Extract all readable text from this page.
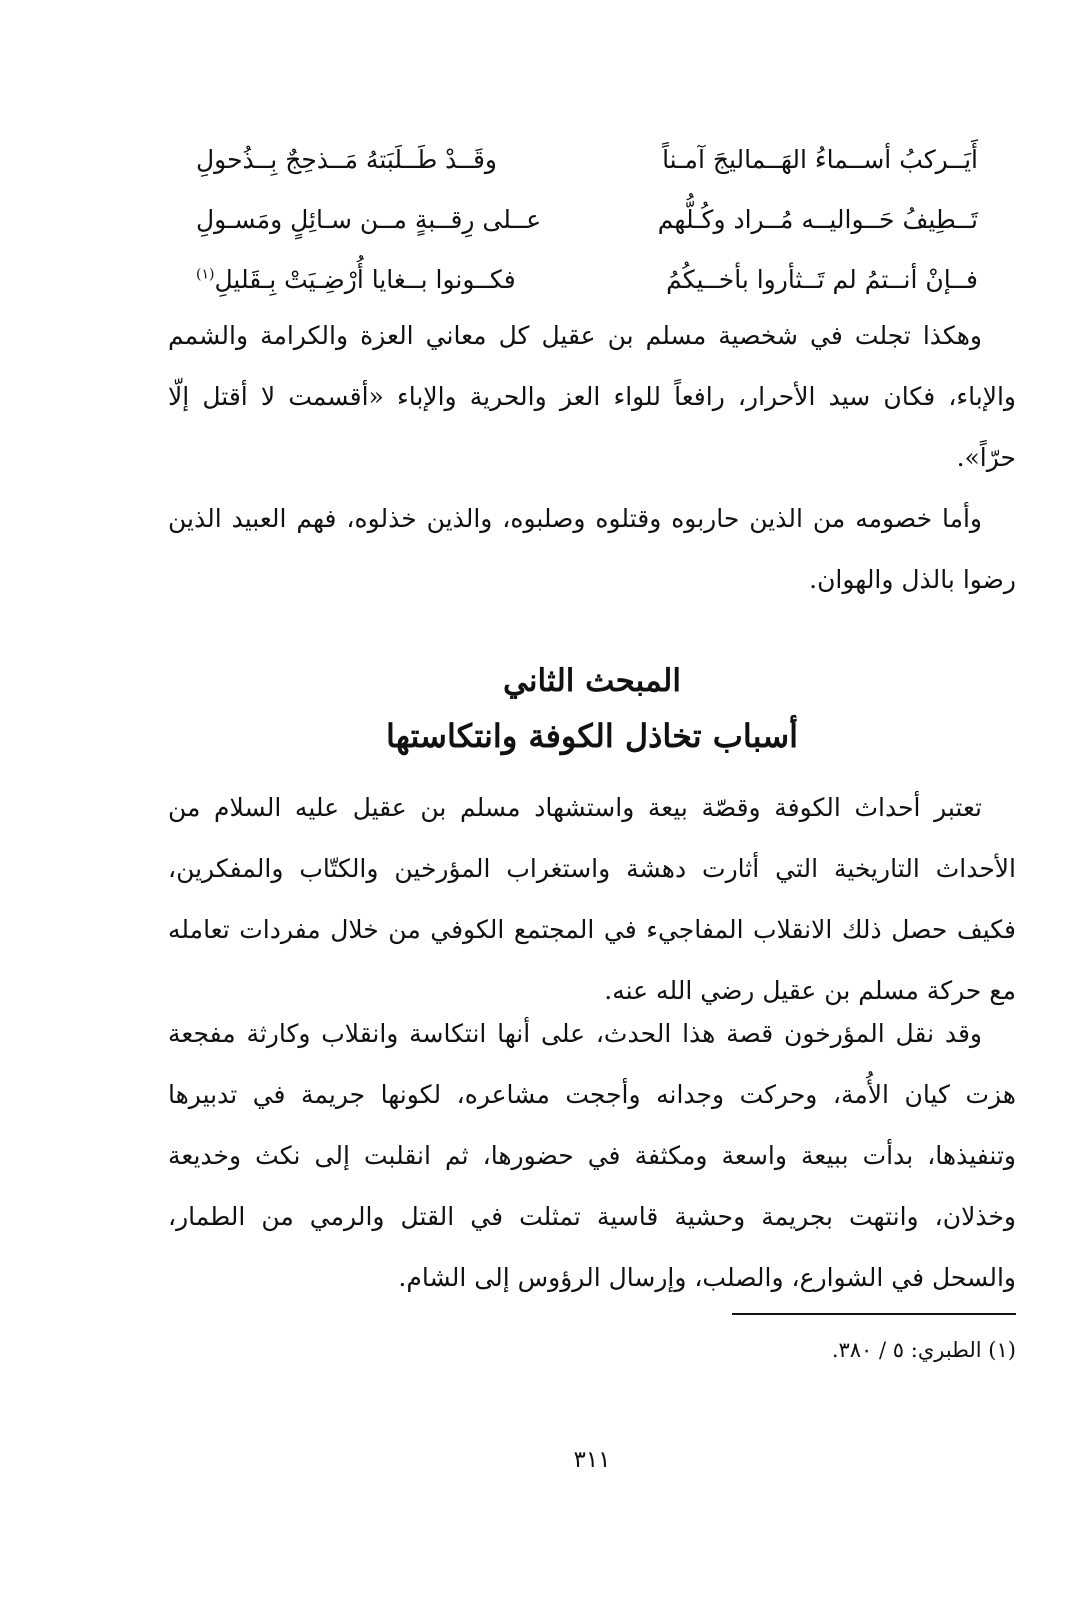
أَيَــركبُ أســماءُ الهَــماليجَ آمـناً
وقَــدْ طَــلَبَتهُ مَــذحِجٌ بِــذُحولِ
تَــطِيفُ حَــواليــه مُــراد وكُـلُّهم
عــلى رِقــبةٍ مــن سـائِلٍ ومَسـولِ
فــإنْ أنــتمُ لم تَــثأروا بأخــيكُمُ
فكــونوا بــغايا أُرْضِـيَتْ بِـقَليلِ$^{(١)}$

وهكذا تجلت في شخصية مسلم بن عقيل كل معاني العزة والكرامة والشمم والإباء، فكان سيد الأحرار، رافعاً للواء العز والحرية والإباء «أقسمت لا أقتل إلّا حرّاً».

وأما خصومه من الذين حاربوه وقتلوه وصلبوه، والذين خذلوه، فهم العبيد الذين رضوا بالذل والهوان.

المبحث الثاني
أسباب تخاذل الكوفة وانتكاستها

تعتبر أحداث الكوفة وقصّة بيعة واستشهاد مسلم بن عقيل عليه السلام من الأحداث التاريخية التي أثارت دهشة واستغراب المؤرخين والكتّاب والمفكرين، فكيف حصل ذلك الانقلاب المفاجيء في المجتمع الكوفي من خلال مفردات تعامله مع حركة مسلم بن عقيل رضي الله عنه.

وقد نقل المؤرخون قصة هذا الحدث، على أنها انتكاسة وانقلاب وكارثة مفجعة هزت كيان الأُمة، وحركت وجدانه وأججت مشاعره، لكونها جريمة في تدبيرها وتنفيذها، بدأت ببيعة واسعة ومكثفة في حضورها، ثم انقلبت إلى نكث وخديعة وخذلان، وانتهت بجريمة وحشية قاسية تمثلت في القتل والرمي من الطمار، والسحل في الشوارع، والصلب، وإرسال الرؤوس إلى الشام.

(١) الطبري: ٥ / ٣٨٠.
٣١١
